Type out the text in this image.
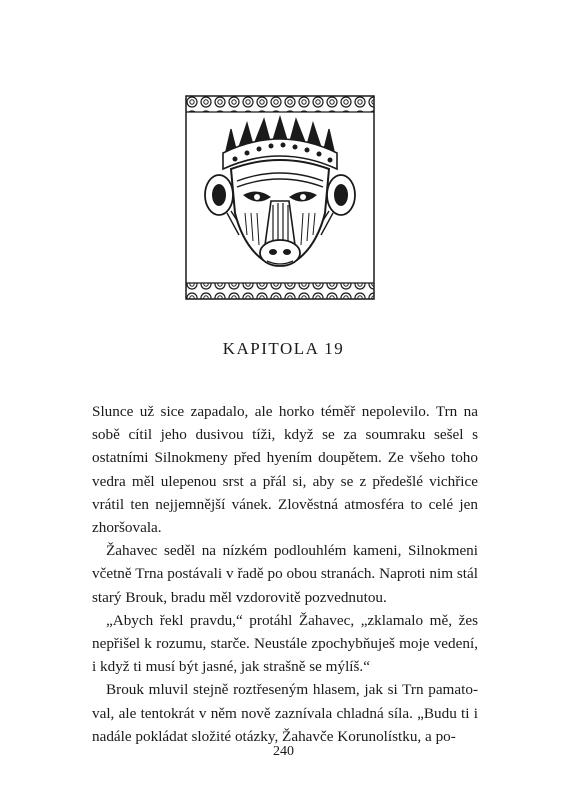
KAPITOLA 19

Slunce už sice zapadalo, ale horko téměř nepolevilo. Trn na sobě cítil jeho dusivou tíži, když se za soumraku sešel s ostatními Silnokmeny před hyením doupětem. Ze všeho toho vedra měl ulepenou srst a přál si, aby se z předešlé vichřice vrátil ten nejjemnější vánek. Zlověstná atmosféra to celé jen zhoršovala.

Žahavec seděl na nízkém podlouhlém kameni, Silnokmeni včetně Trna postávali v řadě po obou stranách. Naproti nim stál starý Brouk, bradu měl vzdorovitě pozvednutou.

„Abych řekl pravdu,“ protáhl Žahavec, „zklamalo mě, žes nepřišel k rozumu, starče. Neustále zpochybňuješ moje vedení, i když ti musí být jasné, jak strašně se mýlíš.“

Brouk mluvil stejně roztřeseným hlasem, jak si Trn pamatoval, ale tentokrát v něm nově zaznívala chladná síla. „Budu ti i nadále pokládat složité otázky, Žahavče Korunolístku, a po-

240
